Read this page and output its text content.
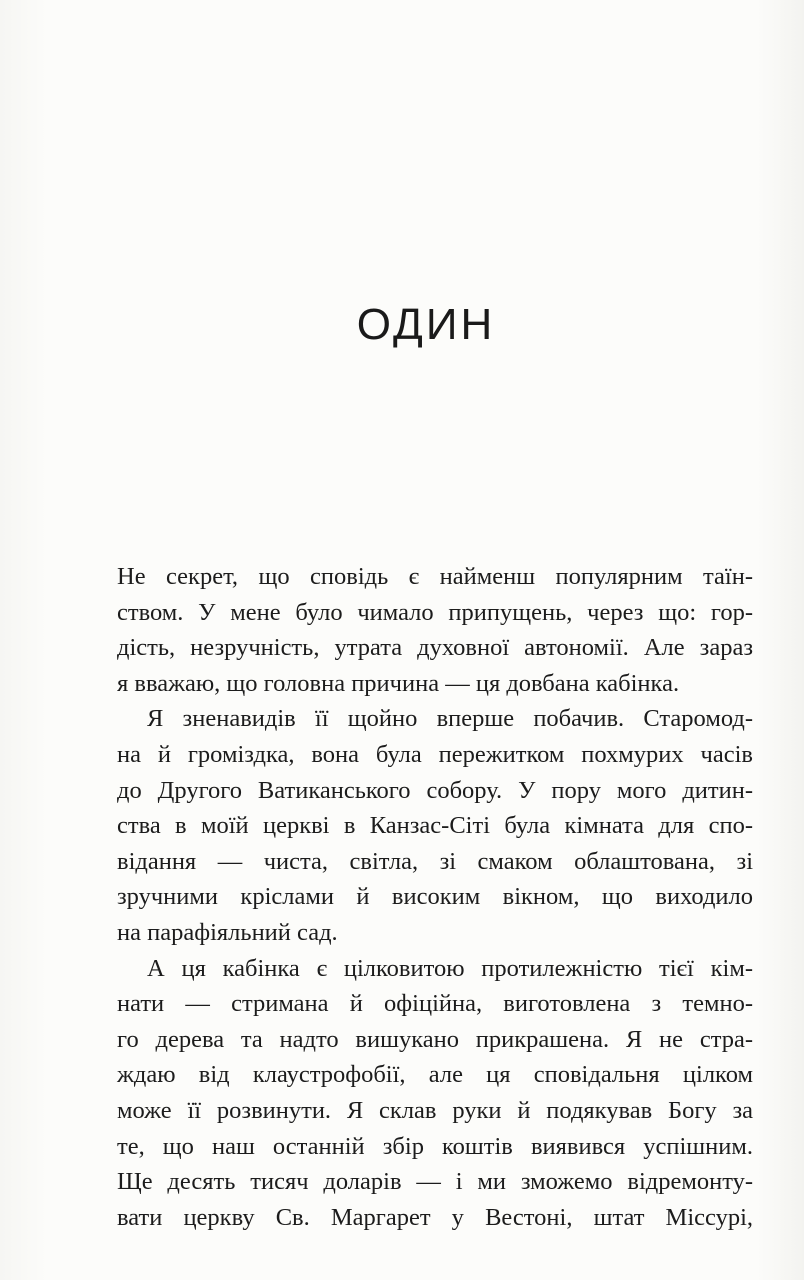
ОДИН
Не секрет, що сповідь є найменш популярним таїн-
ством. У мене було чимало припущень, через що: гор-
дість, незручність, утрата духовної автономії. Але зараз
я вважаю, що головна причина — ця довбана кабінка.
Я зненавидів її щойно вперше побачив. Старомод-
на й громіздка, вона була пережитком похмурих часів
до Другого Ватиканського собору. У пору мого дитин-
ства в моїй церкві в Канзас-Сіті була кімната для спо-
відання — чиста, світла, зі смаком облаштована, зі
зручними кріслами й високим вікном, що виходило
на парафіяльний сад.
А ця кабінка є цілковитою протилежністю тієї кім-
нати — стримана й офіційна, виготовлена з темно-
го дерева та надто вишукано прикрашена. Я не стра-
ждаю від клаустрофобії, але ця сповідальня цілком
може її розвинути. Я склав руки й подякував Богу за
те, що наш останній збір коштів виявився успішним.
Ще десять тисяч доларів — і ми зможемо відремонту-
вати церкву Св. Маргарет у Вестоні, штат Міссурі,
